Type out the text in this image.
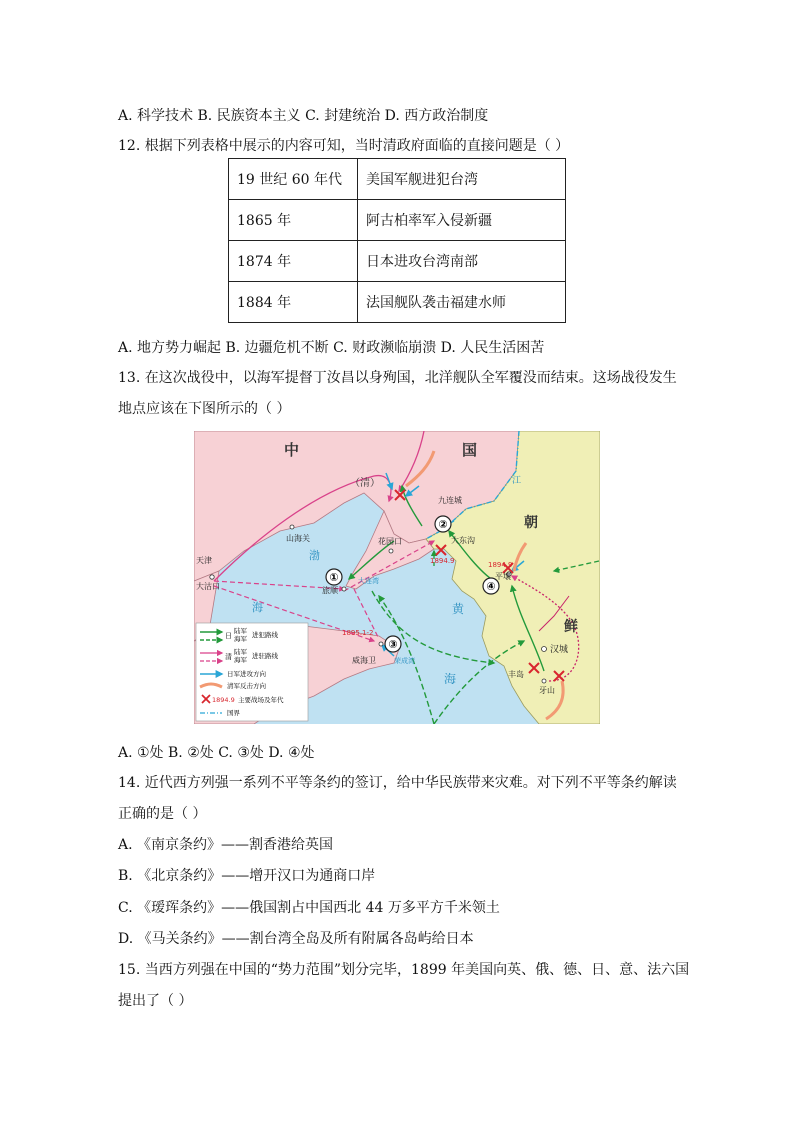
A. 科学技术 B. 民族资本主义 C. 封建统治 D. 西方政治制度
12. 根据下列表格中展示的内容可知，当时清政府面临的直接问题是（ ）
19 世纪 60 年代	美国军舰进犯台湾
1865 年	阿古柏率军入侵新疆
1874 年	日本进攻台湾南部
1884 年	法国舰队袭击福建水师
A. 地方势力崛起 B. 边疆危机不断 C. 财政濒临崩溃 D. 人民生活困苦
13. 在这次战役中，以海军提督丁汝昌以身殉国，北洋舰队全军覆没而结束。这场战役发生
地点应该在下图所示的（ ）
①
②
③
④
中	国
（清）
朝
鲜
渤
海	黄
海
江
天津
大沽口
山海关	花园口
旅顺
威海卫
九连城
大东沟
平壤
汉城
丰岛
牙山
大连湾
荣成湾
1894.9	1894.9
1895.1-2
日
陆军
海军 进犯路线
清
陆军
海军 进驻路线
日军进攻方向
清军反击方向
1894.9 主要战场及年代
国界
A. ①处 B. ②处 C. ③处 D. ④处
14. 近代西方列强一系列不平等条约的签订，给中华民族带来灾难。对下列不平等条约解读
正确的是（ ）
A. 《南京条约》——割香港给英国
B. 《北京条约》——增开汉口为通商口岸
C. 《瑷珲条约》——俄国割占中国西北 44 万多平方千米领土
D. 《马关条约》——割台湾全岛及所有附属各岛屿给日本
15. 当西方列强在中国的“势力范围”划分完毕，1899 年美国向英、俄、德、日、意、法六国
提出了（ ）
